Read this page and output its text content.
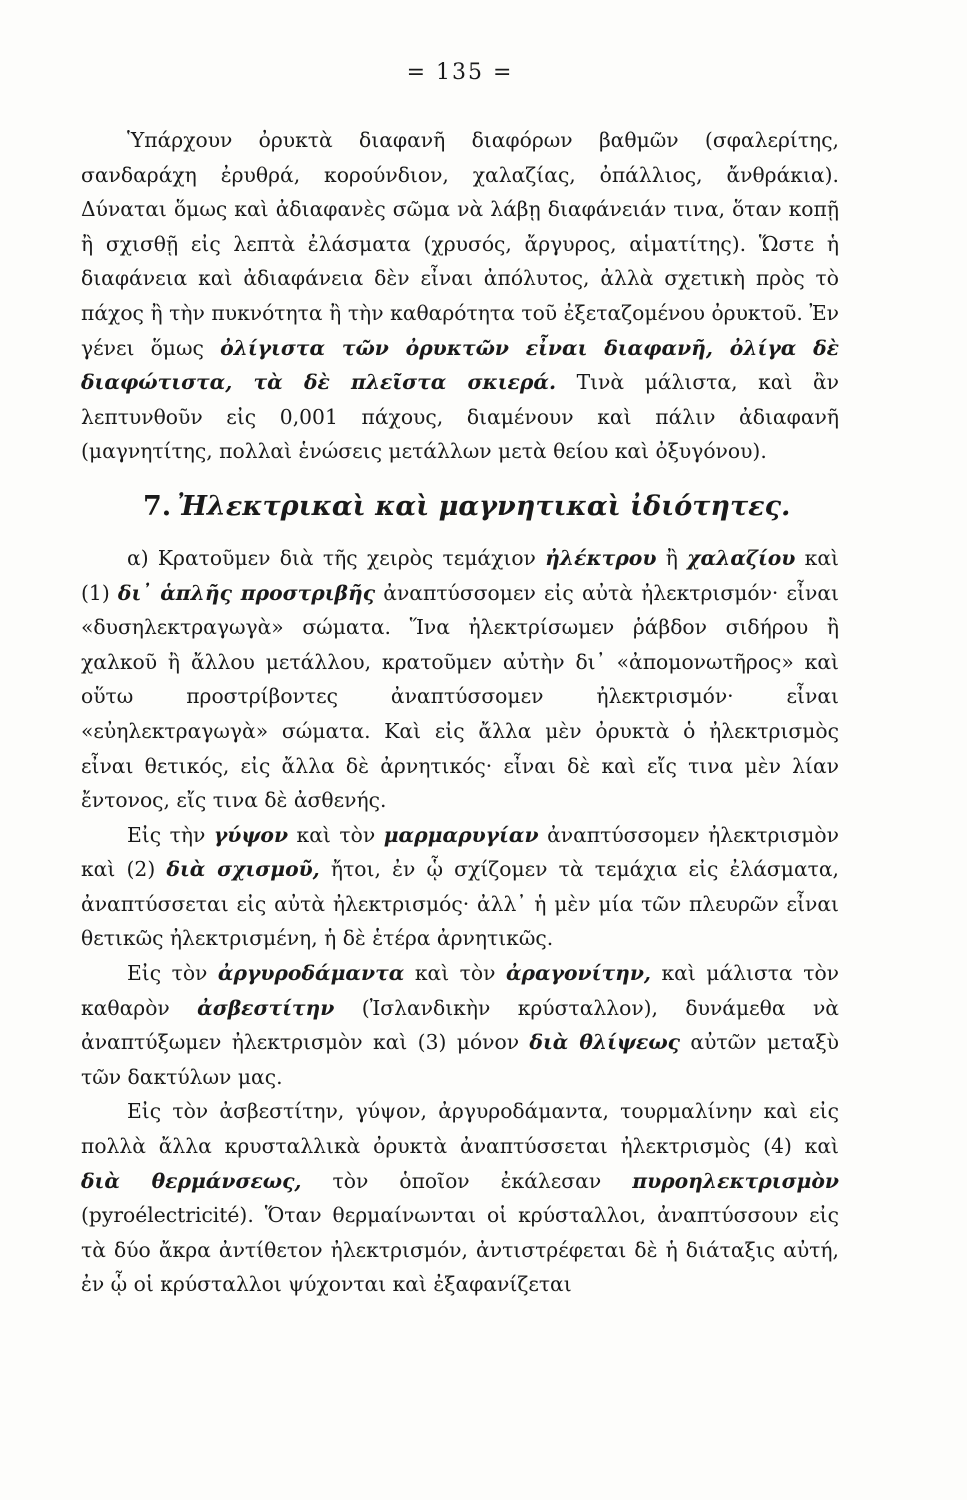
= 135 =

Ὑπάρχουν ὀρυκτὰ διαφανῆ διαφόρων βαθμῶν (σφαλερίτης, σανδαράχη ἐρυθρά, κορούνδιον, χαλαζίας, ὀπάλλιος, ἄνθράκια). Δύναται ὅμως καὶ ἀδιαφανὲς σῶμα νὰ λάβῃ διαφάνειάν τινα, ὅταν κοπῇ ἢ σχισθῇ εἰς λεπτὰ ἐλάσματα (χρυσός, ἄργυρος, αἱματίτης). Ὥστε ἡ διαφάνεια καὶ ἀδιαφάνεια δὲν εἶναι ἀπόλυτος, ἀλλὰ σχετικὴ πρὸς τὸ πάχος ἢ τὴν πυκνότητα ἢ τὴν καθαρότητα τοῦ ἐξεταζομένου ὀρυκτοῦ. Ἐν γένει ὅμως ὀλίγιστα τῶν ὀρυκτῶν εἶναι διαφανῆ, ὀλίγα δὲ διαφώτιστα, τὰ δὲ πλεῖστα σκιερά. Τινὰ μάλιστα, καὶ ἂν λεπτυνθοῦν εἰς 0,001 πάχους, διαμένουν καὶ πάλιν ἀδιαφανῆ (μαγνητίτης, πολλαὶ ἑνώσεις μετάλλων μετὰ θείου καὶ ὀξυγόνου).

7. Ἠλεκτρικαὶ καὶ μαγνητικαὶ ἰδιότητες.

α) Κρατοῦμεν διὰ τῆς χειρὸς τεμάχιον ἠλέκτρου ἢ χαλαζίου καὶ (1) δι᾿ ἁπλῆς προστριβῆς ἀναπτύσσομεν εἰς αὐτὰ ἠλεκτρισμόν· εἶναι «δυσηλεκτραγωγὰ» σώματα. Ἵνα ἠλεκτρίσωμεν ῥάβδον σιδήρου ἢ χαλκοῦ ἢ ἄλλου μετάλλου, κρατοῦμεν αὐτὴν δι᾿ «ἀπομονωτῆρος» καὶ οὕτω προστρίβοντες ἀναπτύσσομεν ἠλεκτρισμόν· εἶναι «εὐηλεκτραγωγὰ» σώματα. Καὶ εἰς ἄλλα μὲν ὀρυκτὰ ὁ ἠλεκτρισμὸς εἶναι θετικός, εἰς ἄλλα δὲ ἀρνητικός· εἶναι δὲ καὶ εἴς τινα μὲν λίαν ἔντονος, εἴς τινα δὲ ἀσθενής.

Εἰς τὴν γύψον καὶ τὸν μαρμαρυγίαν ἀναπτύσσομεν ἠλεκτρισμὸν καὶ (2) διὰ σχισμοῦ, ἤτοι, ἐν ᾧ σχίζομεν τὰ τεμάχια εἰς ἐλάσματα, ἀναπτύσσεται εἰς αὐτὰ ἠλεκτρισμός· ἀλλ᾿ ἡ μὲν μία τῶν πλευρῶν εἶναι θετικῶς ἠλεκτρισμένη, ἡ δὲ ἑτέρα ἀρνητικῶς.

Εἰς τὸν ἀργυροδάμαντα καὶ τὸν ἀραγονίτην, καὶ μάλιστα τὸν καθαρὸν ἀσβεστίτην (Ἰσλανδικὴν κρύσταλλον), δυνάμεθα νὰ ἀναπτύξωμεν ἠλεκτρισμὸν καὶ (3) μόνον διὰ θλίψεως αὐτῶν μεταξὺ τῶν δακτύλων μας.

Εἰς τὸν ἀσβεστίτην, γύψον, ἀργυροδάμαντα, τουρμαλίνην καὶ εἰς πολλὰ ἄλλα κρυσταλλικὰ ὀρυκτὰ ἀναπτύσσεται ἠλεκτρισμὸς (4) καὶ διὰ θερμάνσεως, τὸν ὁποῖον ἐκάλεσαν πυροηλεκτρισμὸν (pyroélectricité). Ὅταν θερμαίνωνται οἱ κρύσταλλοι, ἀναπτύσσουν εἰς τὰ δύο ἄκρα ἀντίθετον ἠλεκτρισμόν, ἀντιστρέφεται δὲ ἡ διάταξις αὐτή, ἐν ᾧ οἱ κρύσταλλοι ψύχονται καὶ ἐξαφανίζεται
